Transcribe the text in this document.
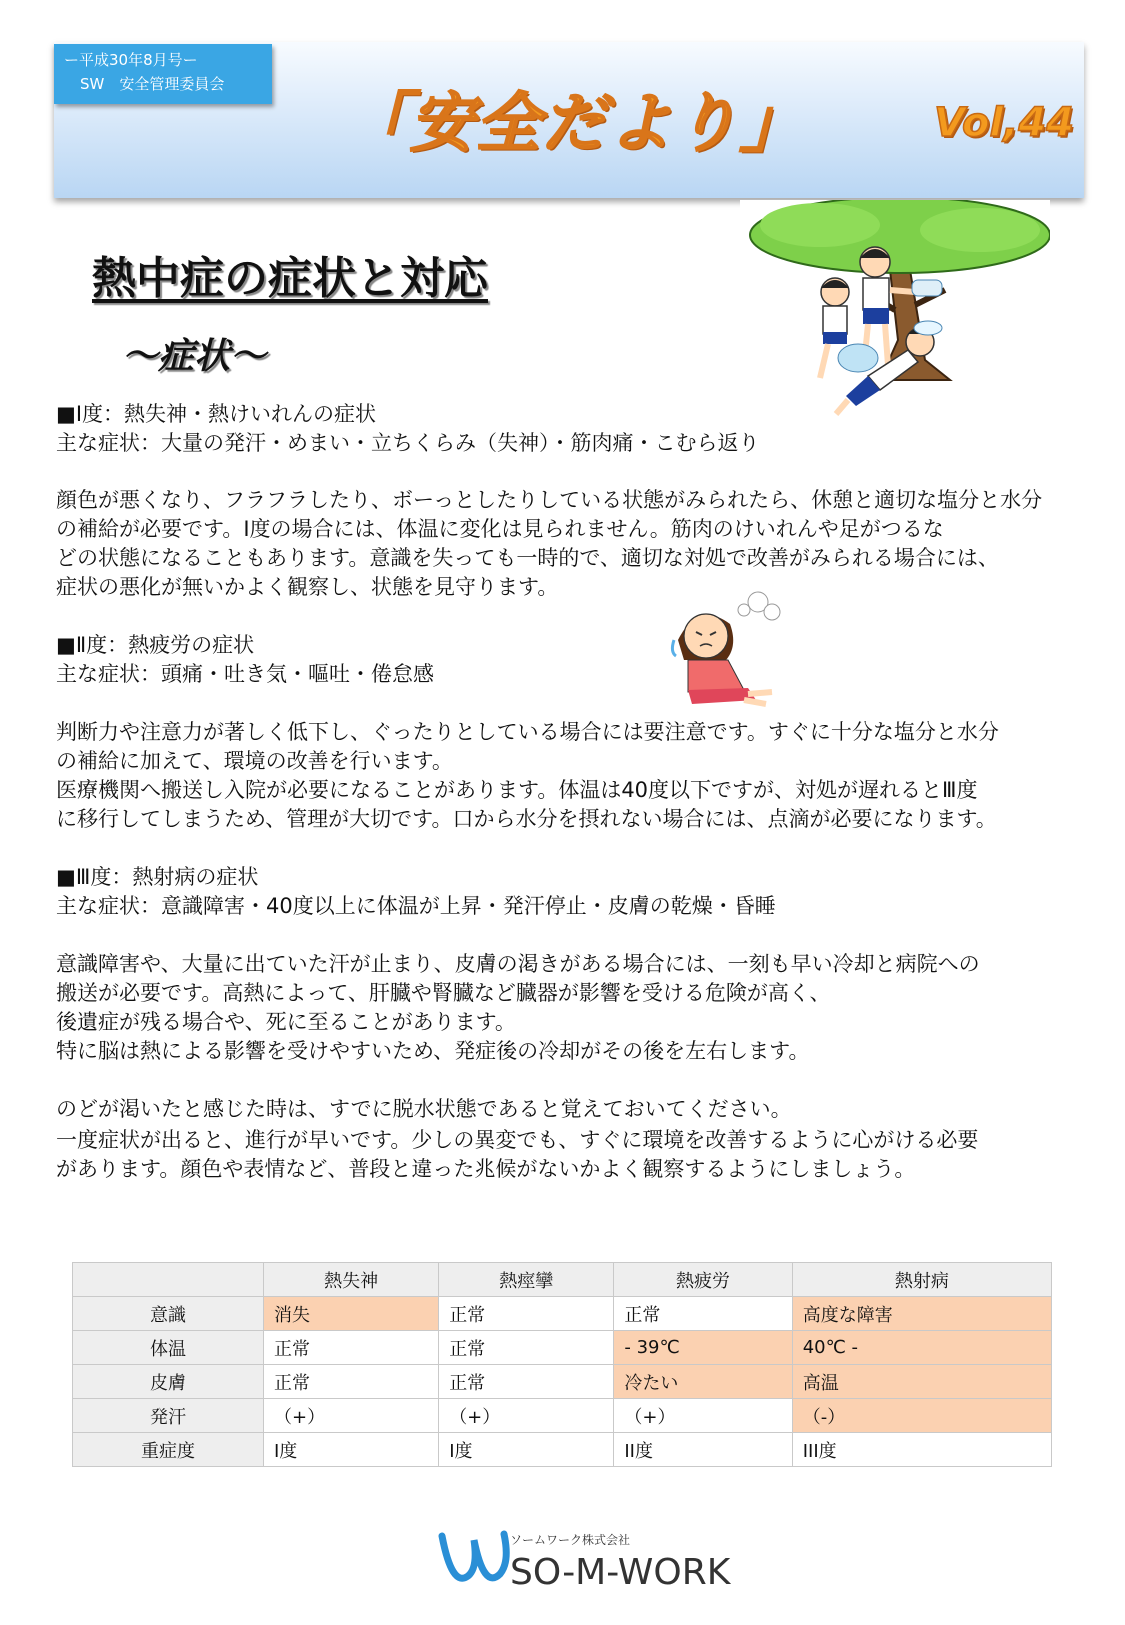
ー平成30年8月号ー
SW　安全管理委員会
「安全だより」	Vol,44
熱中症の症状と対応
～症状～
■Ⅰ度：熱失神・熱けいれんの症状
主な症状：大量の発汗・めまい・立ちくらみ（失神）・筋肉痛・こむら返り
顔色が悪くなり、フラフラしたり、ボーっとしたりしている状態がみられたら、休憩と適切な塩分と水分
の補給が必要です。Ⅰ度の場合には、体温に変化は見られません。筋肉のけいれんや足がつるな
どの状態になることもあります。意識を失っても一時的で、適切な対処で改善がみられる場合には、
症状の悪化が無いかよく観察し、状態を見守ります。
■Ⅱ度：熱疲労の症状
主な症状：頭痛・吐き気・嘔吐・倦怠感
判断力や注意力が著しく低下し、ぐったりとしている場合には要注意です。すぐに十分な塩分と水分
の補給に加えて、環境の改善を行います。
医療機関へ搬送し入院が必要になることがあります。体温は40度以下ですが、対処が遅れるとⅢ度
に移行してしまうため、管理が大切です。口から水分を摂れない場合には、点滴が必要になります。
■Ⅲ度：熱射病の症状
主な症状：意識障害・40度以上に体温が上昇・発汗停止・皮膚の乾燥・昏睡
意識障害や、大量に出ていた汗が止まり、皮膚の渇きがある場合には、一刻も早い冷却と病院への
搬送が必要です。高熱によって、肝臓や腎臓など臓器が影響を受ける危険が高く、
後遺症が残る場合や、死に至ることがあります。
特に脳は熱による影響を受けやすいため、発症後の冷却がその後を左右します。
のどが渇いたと感じた時は、すでに脱水状態であると覚えておいてください。
一度症状が出ると、進行が早いです。少しの異変でも、すぐに環境を改善するように心がける必要
があります。顔色や表情など、普段と違った兆候がないかよく観察するようにしましょう。
	熱失神	熱痙攣	熱疲労	熱射病
意識	消失	正常	正常	高度な障害
体温	正常	正常	- 39℃	40℃ -
皮膚	正常	正常	冷たい	高温
発汗	（+）	（+）	（+）	（-）
重症度	I度	I度	II度	III度
ソームワーク株式会社
SO-M-WORK
